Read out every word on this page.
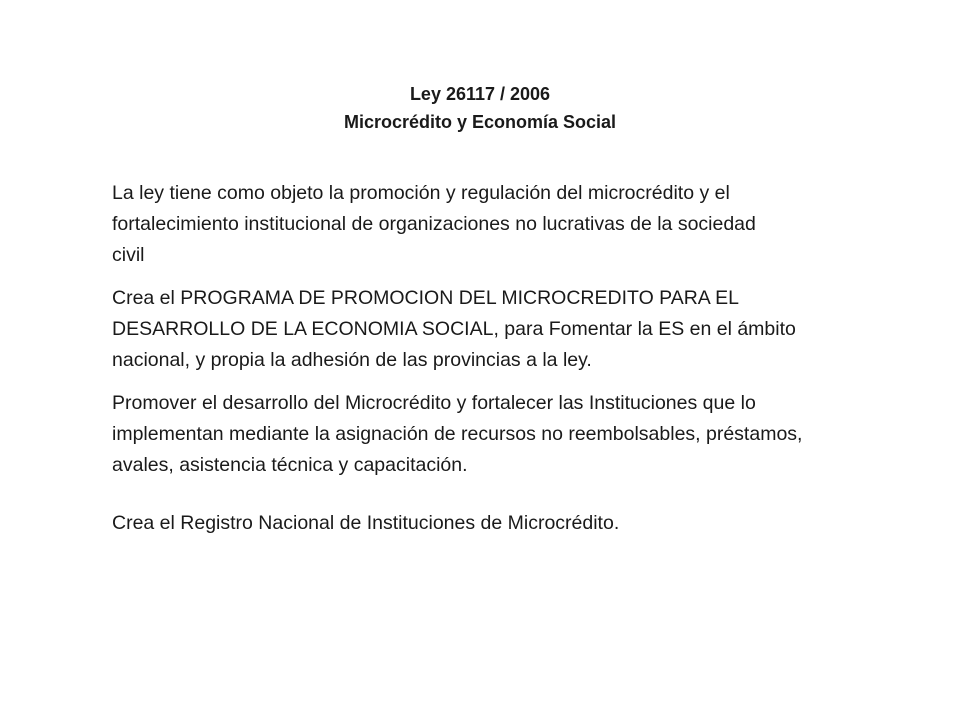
Ley 26117 / 2006
Microcrédito y Economía Social
La ley tiene como objeto la promoción y regulación del microcrédito y el
fortalecimiento institucional de organizaciones no lucrativas de la sociedad
civil
Crea el PROGRAMA DE PROMOCION DEL MICROCREDITO PARA EL
DESARROLLO DE LA ECONOMIA SOCIAL, para Fomentar la ES en el ámbito
nacional, y propia la adhesión de las provincias a la ley.
Promover el desarrollo del Microcrédito y fortalecer las Instituciones que lo
implementan mediante la asignación de recursos no reembolsables, préstamos,
avales, asistencia técnica y capacitación.
Crea el Registro Nacional de Instituciones de Microcrédito.
